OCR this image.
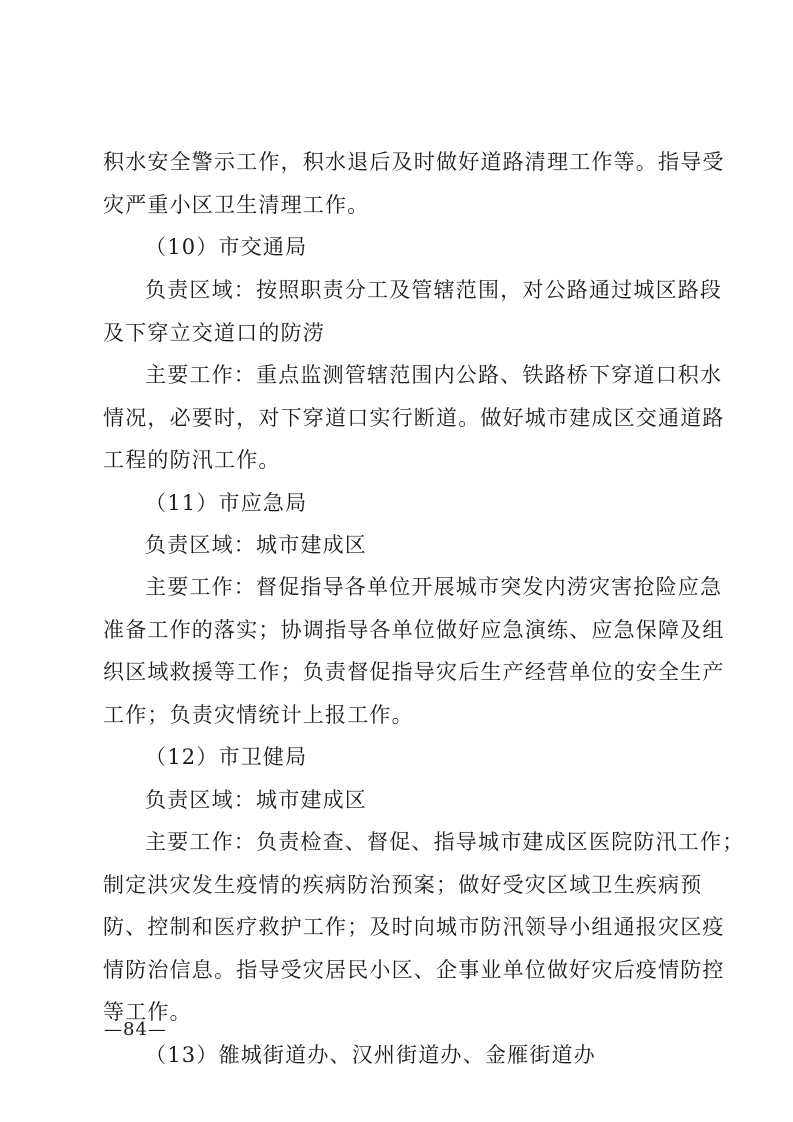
积水安全警示工作，积水退后及时做好道路清理工作等。指导受
灾严重小区卫生清理工作。
（10）市交通局
负责区域：按照职责分工及管辖范围，对公路通过城区路段
及下穿立交道口的防涝
主要工作：重点监测管辖范围内公路、铁路桥下穿道口积水
情况，必要时，对下穿道口实行断道。做好城市建成区交通道路
工程的防汛工作。
（11）市应急局
负责区域：城市建成区
主要工作：督促指导各单位开展城市突发内涝灾害抢险应急
准备工作的落实；协调指导各单位做好应急演练、应急保障及组
织区域救援等工作；负责督促指导灾后生产经营单位的安全生产
工作；负责灾情统计上报工作。
（12）市卫健局
负责区域：城市建成区
主要工作：负责检查、督促、指导城市建成区医院防汛工作；
制定洪灾发生疫情的疾病防治预案；做好受灾区域卫生疾病预
防、控制和医疗救护工作；及时向城市防汛领导小组通报灾区疫
情防治信息。指导受灾居民小区、企事业单位做好灾后疫情防控
等工作。
（13）雒城街道办、汉州街道办、金雁街道办
—84—
